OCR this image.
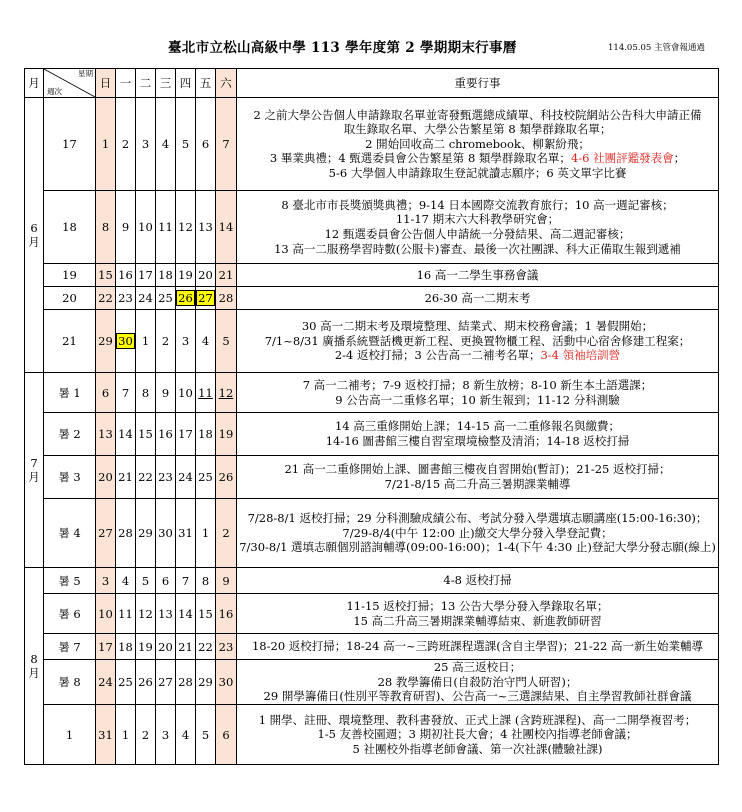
臺北市立松山高級中學 113 學年度第 2 學期期末行事曆	114.05.05 主管會報通過
月	星期
週次	日	一	二	三	四	五	六	重要行事
6月	17	1	2	3	4	5	6	7	2 之前大學公告個人申請錄取名單並寄發甄選總成績單、科技校院網站公告科大申請正備
取生錄取名單、大學公告繁星第 8 類學群錄取名單；
2 開始回收高二 chromebook、柳絮紛飛；
3 畢業典禮；4 甄選委員會公告繁星第 8 類學群錄取名單；4-6 社團評鑑發表會；
5-6 大學個人申請錄取生登記就讀志願序；6 英文單字比賽

	18	8	9	10	11	12	13	14	8 臺北市市長獎頒獎典禮；9-14 日本國際交流教育旅行；10 高一週記審核；
11-17 期末六大科教學研究會；
12 甄選委員會公告個人申請統一分發結果、高二週記審核；
13 高一二服務學習時數(公服卡)審查、最後一次社團課、科大正備取生報到遞補

	19	15	16	17	18	19	20	21	16 高一二學生事務會議

	20	22	23	24	25	26	27	28	26-30 高一二期末考

	21	29	30	1	2	3	4	5	30 高一二期末考及環境整理、結業式、期末校務會議；1 暑假開始；
7/1~8/31 廣播系統暨話機更新工程、更換置物櫃工程、活動中心宿舍修建工程案；
2-4 返校打掃；3 公告高一二補考名單；3-4 領袖培訓營

7月	暑 1	6	7	8	9	10	11	12	7 高一二補考；7-9 返校打掃；8 新生放榜；8-10 新生本土語選課；
9 公告高一二重修名單；10 新生報到；11-12 分科測驗

	暑 2	13	14	15	16	17	18	19	14 高三重修開始上課；14-15 高一二重修報名與繳費；
14-16 圖書館三樓自習室環境檢整及清消；14-18 返校打掃

	暑 3	20	21	22	23	24	25	26	21 高一二重修開始上課、圖書館三樓夜自習開始(暫訂)；21-25 返校打掃；
7/21-8/15 高二升高三暑期課業輔導

	暑 4	27	28	29	30	31	1	2	7/28-8/1 返校打掃；29 分科測驗成績公布、考試分發入學選填志願講座(15:00-16:30)；
7/29-8/4(中午 12:00 止)繳交大學分發入學登記費；
7/30-8/1 選填志願個別諮詢輔導(09:00-16:00)；1-4(下午 4:30 止)登記大學分發志願(線上)

8月	暑 5	3	4	5	6	7	8	9	4-8 返校打掃

	暑 6	10	11	12	13	14	15	16	11-15 返校打掃；13 公告大學分發入學錄取名單；
15 高二升高三暑期課業輔導結束、新進教師研習

	暑 7	17	18	19	20	21	22	23	18-20 返校打掃；18-24 高一~三跨班課程選課(含自主學習)；21-22 高一新生始業輔導

	暑 8	24	25	26	27	28	29	30	25 高三返校日；
28 教學籌備日(自殺防治守門人研習)；
29 開學籌備日(性別平等教育研習)、公告高一~三選課結果、自主學習教師社群會議

	1	31	1	2	3	4	5	6	1 開學、註冊、環境整理、教科書發放、正式上課 (含跨班課程)、高一二開學複習考；
1-5 友善校園週；3 期初社長大會；4 社團校內指導老師會議；
5 社團校外指導老師會議、第一次社課(體驗社課)
